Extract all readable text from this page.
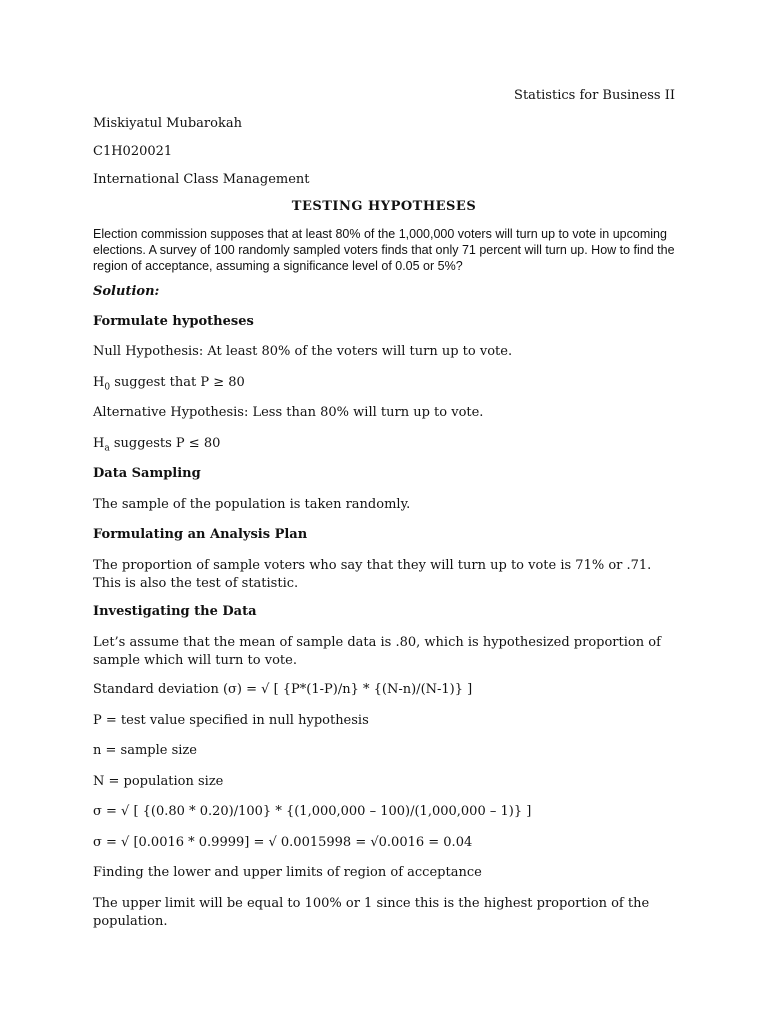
Statistics for Business II
Miskiyatul Mubarokah
C1H020021
International Class Management
TESTING HYPOTHESES
Election commission supposes that at least 80% of the 1,000,000 voters will turn up to vote in upcoming elections. A survey of 100 randomly sampled voters finds that only 71 percent will turn up. How to find the region of acceptance, assuming a significance level of 0.05 or 5%?
Solution:
Formulate hypotheses
Null Hypothesis: At least 80% of the voters will turn up to vote.
$H_0$ suggest that P ≥ 80
Alternative Hypothesis: Less than 80% will turn up to vote.
$H_a$ suggests P ≤ 80
Data Sampling
The sample of the population is taken randomly.
Formulating an Analysis Plan
The proportion of sample voters who say that they will turn up to vote is 71% or .71. This is also the test of statistic.
Investigating the Data
Let’s assume that the mean of sample data is .80, which is hypothesized proportion of sample which will turn to vote.
Standard deviation (σ) = √ [ {P*(1-P)/n} * {(N-n)/(N-1)} ]
P = test value specified in null hypothesis
n = sample size
N = population size
σ = √ [ {(0.80 * 0.20)/100} * {(1,000,000 – 100)/(1,000,000 – 1)} ]
σ = √ [0.0016 * 0.9999] = √ 0.0015998 = √0.0016 = 0.04
Finding the lower and upper limits of region of acceptance
The upper limit will be equal to 100% or 1 since this is the highest proportion of the population.
